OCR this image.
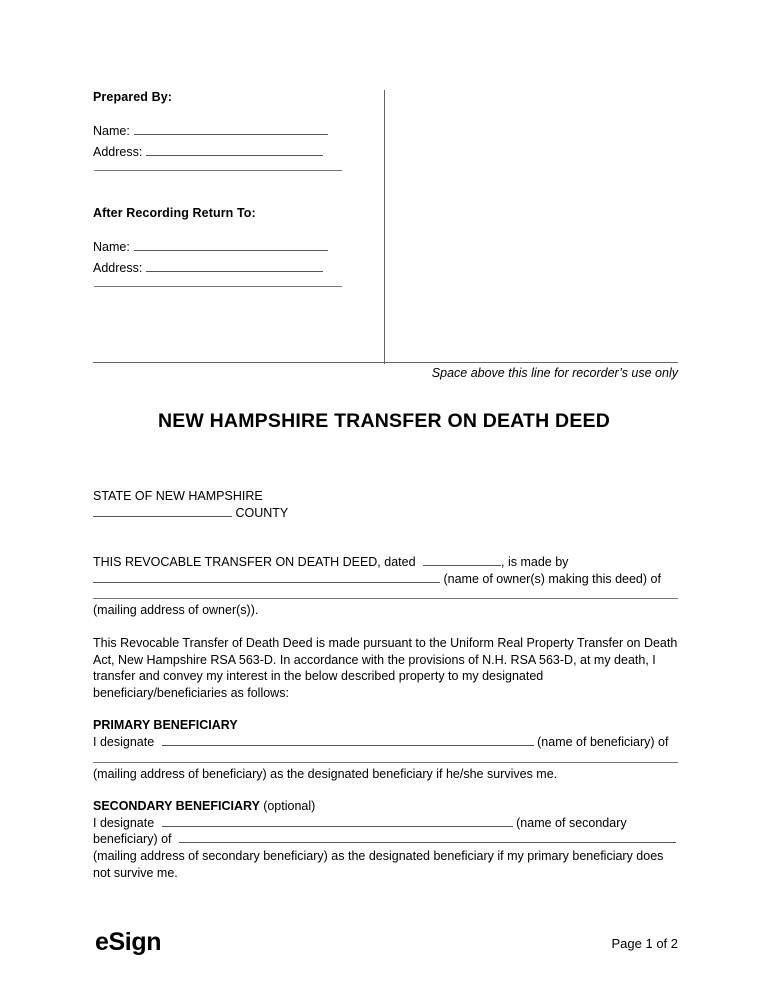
Prepared By:
Name:
Address:
After Recording Return To:
Name:
Address:
Space above this line for recorder’s use only
NEW HAMPSHIRE TRANSFER ON DEATH DEED
STATE OF NEW HAMPSHIRE
COUNTY
THIS REVOCABLE TRANSFER ON DEATH DEED, dated	, is made by
(name of owner(s) making this deed) of
(mailing address of owner(s)).
This Revocable Transfer of Death Deed is made pursuant to the Uniform Real Property Transfer on Death Act, New Hampshire RSA 563-D. In accordance with the provisions of N.H. RSA 563-D, at my death, I transfer and convey my interest in the below described property to my designated beneficiary/beneficiaries as follows:
PRIMARY BENEFICIARY
I designate	(name of beneficiary) of
(mailing address of beneficiary) as the designated beneficiary if he/she survives me.
SECONDARY BENEFICIARY (optional)
I designate	(name of secondary
beneficiary) of
(mailing address of secondary beneficiary) as the designated beneficiary if my primary beneficiary does not survive me.
eSign	Page 1 of 2
